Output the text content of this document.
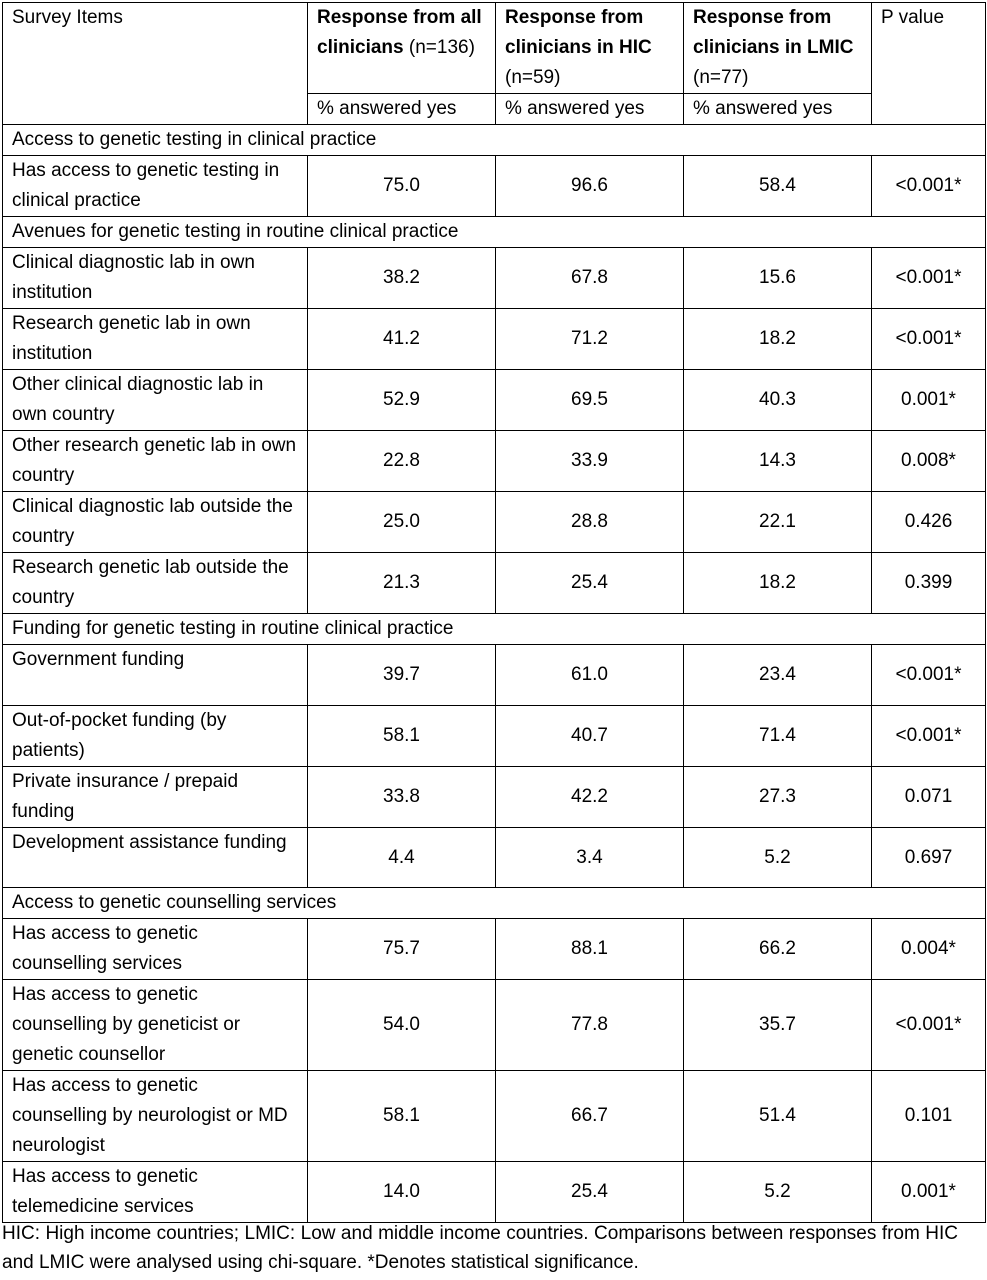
Survey Items	Response from all clinicians (n=136)	Response from clinicians in HIC (n=59)	Response from clinicians in LMIC (n=77)	P value
	% answered yes	% answered yes	% answered yes	
Access to genetic testing in clinical practice				
Has access to genetic testing in clinical practice	75.0	96.6	58.4	<0.001*
Avenues for genetic testing in routine clinical practice				
Clinical diagnostic lab in own institution	38.2	67.8	15.6	<0.001*
Research genetic lab in own institution	41.2	71.2	18.2	<0.001*
Other clinical diagnostic lab in own country	52.9	69.5	40.3	0.001*
Other research genetic lab in own country	22.8	33.9	14.3	0.008*
Clinical diagnostic lab outside the country	25.0	28.8	22.1	0.426
Research genetic lab outside the country	21.3	25.4	18.2	0.399
Funding for genetic testing in routine clinical practice				
Government funding	39.7	61.0	23.4	<0.001*
Out-of-pocket funding (by patients)	58.1	40.7	71.4	<0.001*
Private insurance / prepaid funding	33.8	42.2	27.3	0.071
Development assistance funding	4.4	3.4	5.2	0.697
Access to genetic counselling services				
Has access to genetic counselling services	75.7	88.1	66.2	0.004*
Has access to genetic counselling by geneticist or genetic counsellor	54.0	77.8	35.7	<0.001*
Has access to genetic counselling by neurologist or MD neurologist	58.1	66.7	51.4	0.101
Has access to genetic telemedicine services	14.0	25.4	5.2	0.001*
HIC: High income countries; LMIC: Low and middle income countries. Comparisons between responses from HIC and LMIC were analysed using chi-square. *Denotes statistical significance.
